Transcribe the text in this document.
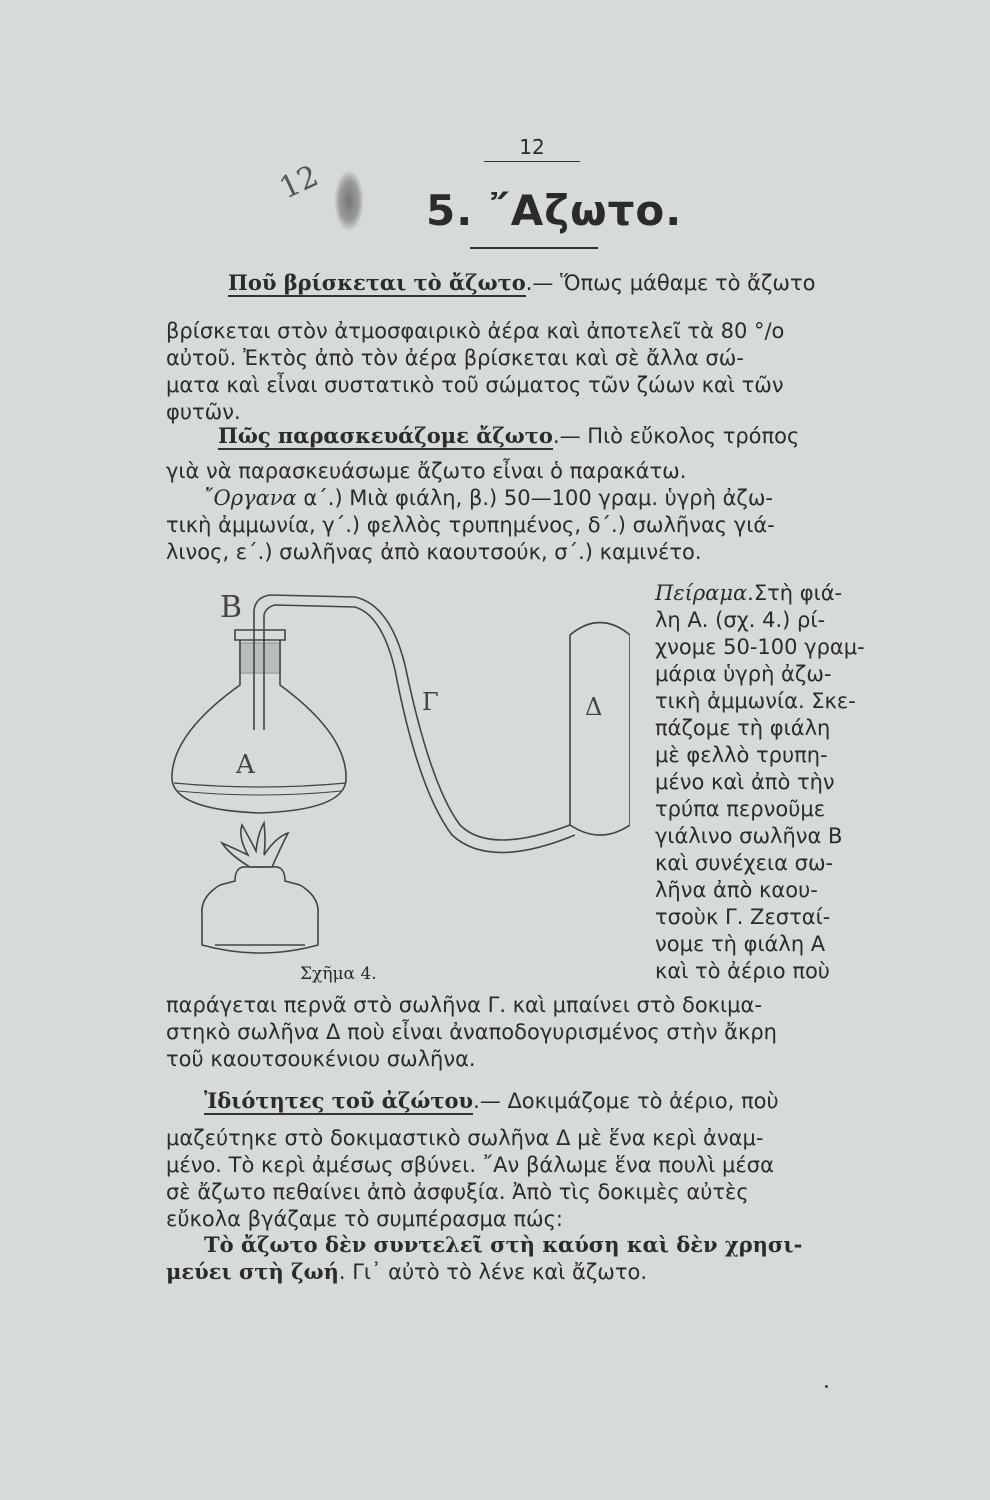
12
12
5. ῎Αζωτο.
Ποῦ βρίσκεται τὸ ἄζωτο.— Ὅπως μάθαμε τὸ ἄζωτο
βρίσκεται στὸν ἀτμοσφαιρικὸ ἀέρα καὶ ἀποτελεῖ τὰ 80 °/o
αὐτοῦ. Ἐκτὸς ἀπὸ τὸν ἀέρα βρίσκεται καὶ σὲ ἄλλα σώ-
ματα καὶ εἶναι συστατικὸ τοῦ σώματος τῶν ζώων καὶ τῶν
φυτῶν.
Πῶς παρασκευάζομε ἄζωτο.— Πιὸ εὔκολος τρόπος
γιὰ νὰ παρασκευάσωμε ἄζωτο εἶναι ὁ παρακάτω.
῎Οργανα α΄.) Μιὰ φιάλη, β.) 50—100 γραμ. ὑγρὴ ἀζω-
τικὴ ἀμμωνία, γ΄.) φελλὸς τρυπημένος, δ΄.) σωλῆνας γιά-
λινος, ε΄.) σωλῆνας ἀπὸ καουτσούκ, σ΄.) καμινέτο.
Β
Α
Γ	Δ
Σχῆμα 4.
Πείραμα.Στὴ φιά-
λη Α. (σχ. 4.) ρί-
χνομε 50-100 γραμ-
μάρια ὑγρὴ ἀζω-
τικὴ ἀμμωνία. Σκε-
πάζομε τὴ φιάλη
μὲ φελλὸ τρυπη-
μένο καὶ ἀπὸ τὴν
τρύπα περνοῦμε
γιάλινο σωλῆνα Β
καὶ συνέχεια σω-
λῆνα ἀπὸ καου-
τσοὺκ Γ. Ζεσταί-
νομε τὴ φιάλη Α
καὶ τὸ ἀέριο ποὺ
παράγεται περνᾶ στὸ σωλῆνα Γ. καὶ μπαίνει στὸ δοκιμα-
στηκὸ σωλῆνα Δ ποὺ εἶναι ἀναποδογυρισμένος στὴν ἄκρη
τοῦ καουτσουκένιου σωλῆνα.
Ἰδιότητες τοῦ ἀζώτου.— Δοκιμάζομε τὸ ἀέριο, ποὺ
μαζεύτηκε στὸ δοκιμαστικὸ σωλῆνα Δ μὲ ἕνα κερὶ ἀναμ-
μένο. Τὸ κερὶ ἀμέσως σβύνει. ῎Αν βάλωμε ἕνα πουλὶ μέσα
σὲ ἄζωτο πεθαίνει ἀπὸ ἀσφυξία. Ἀπὸ τὶς δοκιμὲς αὐτὲς
εὔκολα βγάζαμε τὸ συμπέρασμα πώς:
Τὸ ἄζωτο δὲν συντελεῖ στὴ καύση καὶ δὲν χρησι-
μεύει στὴ ζωή. Γι᾿ αὐτὸ τὸ λένε καὶ ἄζωτο.
